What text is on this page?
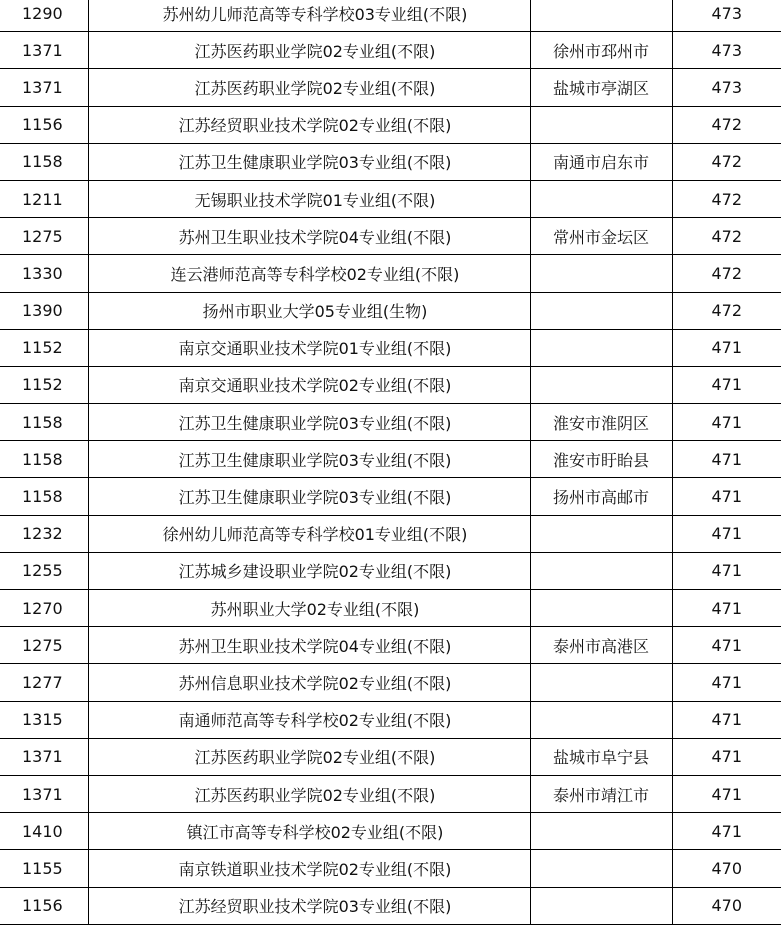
1290	苏州幼儿师范高等专科学校03专业组(不限)		473
1371	江苏医药职业学院02专业组(不限)	徐州市邳州市	473
1371	江苏医药职业学院02专业组(不限)	盐城市亭湖区	473
1156	江苏经贸职业技术学院02专业组(不限)		472
1158	江苏卫生健康职业学院03专业组(不限)	南通市启东市	472
1211	无锡职业技术学院01专业组(不限)		472
1275	苏州卫生职业技术学院04专业组(不限)	常州市金坛区	472
1330	连云港师范高等专科学校02专业组(不限)		472
1390	扬州市职业大学05专业组(生物)		472
1152	南京交通职业技术学院01专业组(不限)		471
1152	南京交通职业技术学院02专业组(不限)		471
1158	江苏卫生健康职业学院03专业组(不限)	淮安市淮阴区	471
1158	江苏卫生健康职业学院03专业组(不限)	淮安市盱眙县	471
1158	江苏卫生健康职业学院03专业组(不限)	扬州市高邮市	471
1232	徐州幼儿师范高等专科学校01专业组(不限)		471
1255	江苏城乡建设职业学院02专业组(不限)		471
1270	苏州职业大学02专业组(不限)		471
1275	苏州卫生职业技术学院04专业组(不限)	泰州市高港区	471
1277	苏州信息职业技术学院02专业组(不限)		471
1315	南通师范高等专科学校02专业组(不限)		471
1371	江苏医药职业学院02专业组(不限)	盐城市阜宁县	471
1371	江苏医药职业学院02专业组(不限)	泰州市靖江市	471
1410	镇江市高等专科学校02专业组(不限)		471
1155	南京铁道职业技术学院02专业组(不限)		470
1156	江苏经贸职业技术学院03专业组(不限)		470
